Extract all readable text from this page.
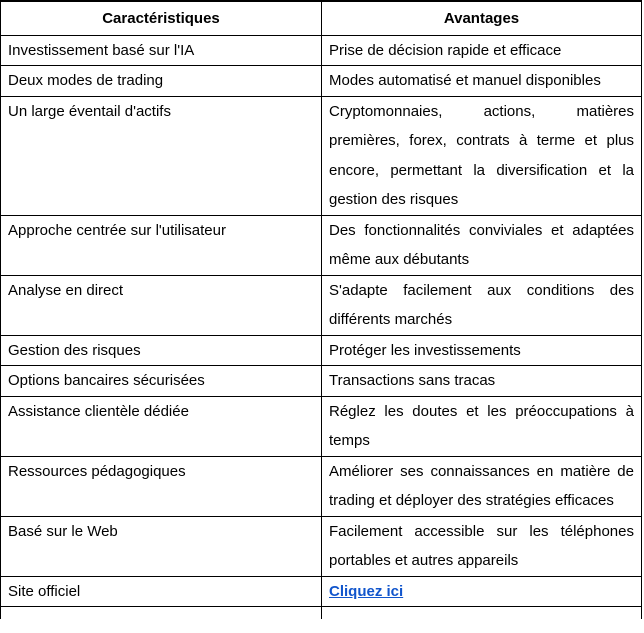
Caractéristiques	Avantages
Investissement basé sur l'IA	Prise de décision rapide et efficace
Deux modes de trading	Modes automatisé et manuel disponibles
Un large éventail d'actifs	Cryptomonnaies, actions, matières premières, forex, contrats à terme et plus encore, permettant la diversification et la gestion des risques
Approche centrée sur l'utilisateur	Des fonctionnalités conviviales et adaptées même aux débutants
Analyse en direct	S'adapte facilement aux conditions des différents marchés
Gestion des risques	Protéger les investissements
Options bancaires sécurisées	Transactions sans tracas
Assistance clientèle dédiée	Réglez les doutes et les préoccupations à temps
Ressources pédagogiques	Améliorer ses connaissances en matière de trading et déployer des stratégies efficaces
Basé sur le Web	Facilement accessible sur les téléphones portables et autres appareils
Site officiel	Cliquez ici
